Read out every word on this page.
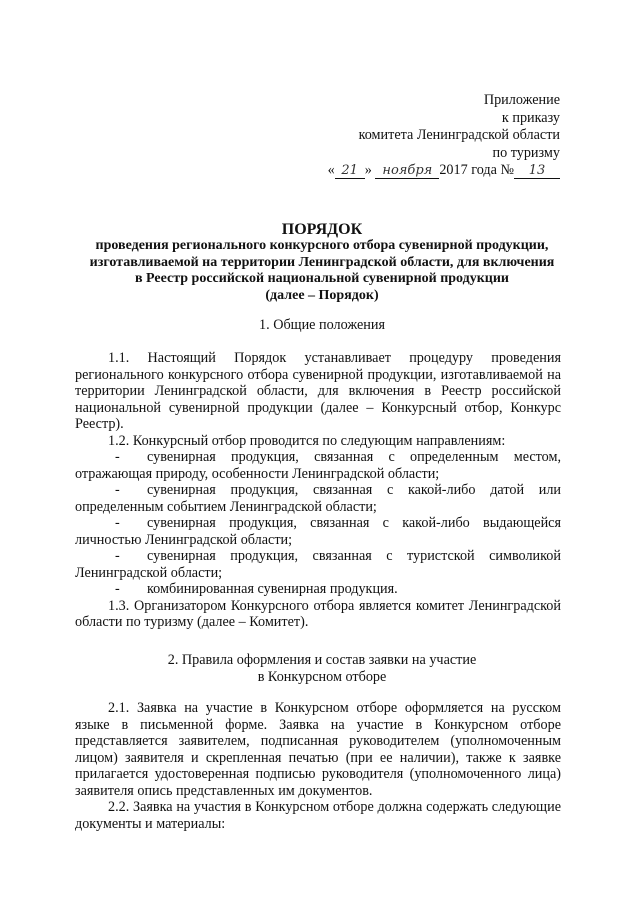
Приложение
к приказу
комитета Ленинградской области
по туризму
« 21 » ноября 2017 года № 13
ПОРЯДОК
проведения регионального конкурсного отбора сувенирной продукции,
изготавливаемой на территории Ленинградской области, для включения
в Реестр российской национальной сувенирной продукции
(далее – Порядок)
1. Общие положения

1.1. Настоящий Порядок устанавливает процедуру проведения регионального конкурсного отбора сувенирной продукции, изготавливаемой на территории Ленинградской области, для включения в Реестр российской национальной сувенирной продукции (далее – Конкурсный отбор, Конкурс Реестр).

1.2. Конкурсный отбор проводится по следующим направлениям:

-	сувенирная продукция, связанная с определенным местом, отражающая природу, особенности Ленинградской области;
-	сувенирная продукция, связанная с какой-либо датой или определенным событием Ленинградской области;
-	сувенирная продукция, связанная с какой-либо выдающейся личностью Ленинградской области;
-	сувенирная продукция, связанная с туристской символикой Ленинградской области;
-	комбинированная сувенирная продукция.

1.3. Организатором Конкурсного отбора является комитет Ленинградской области по туризму (далее – Комитет).

2. Правила оформления и состав заявки на участие
в Конкурсном отборе

2.1. Заявка на участие в Конкурсном отборе оформляется на русском языке в письменной форме. Заявка на участие в Конкурсном отборе представляется заявителем, подписанная руководителем (уполномоченным лицом) заявителя и скрепленная печатью (при ее наличии), также к заявке прилагается удостоверенная подписью руководителя (уполномоченного лица) заявителя опись представленных им документов.

2.2. Заявка на участия в Конкурсном отборе должна содержать следующие документы и материалы:
